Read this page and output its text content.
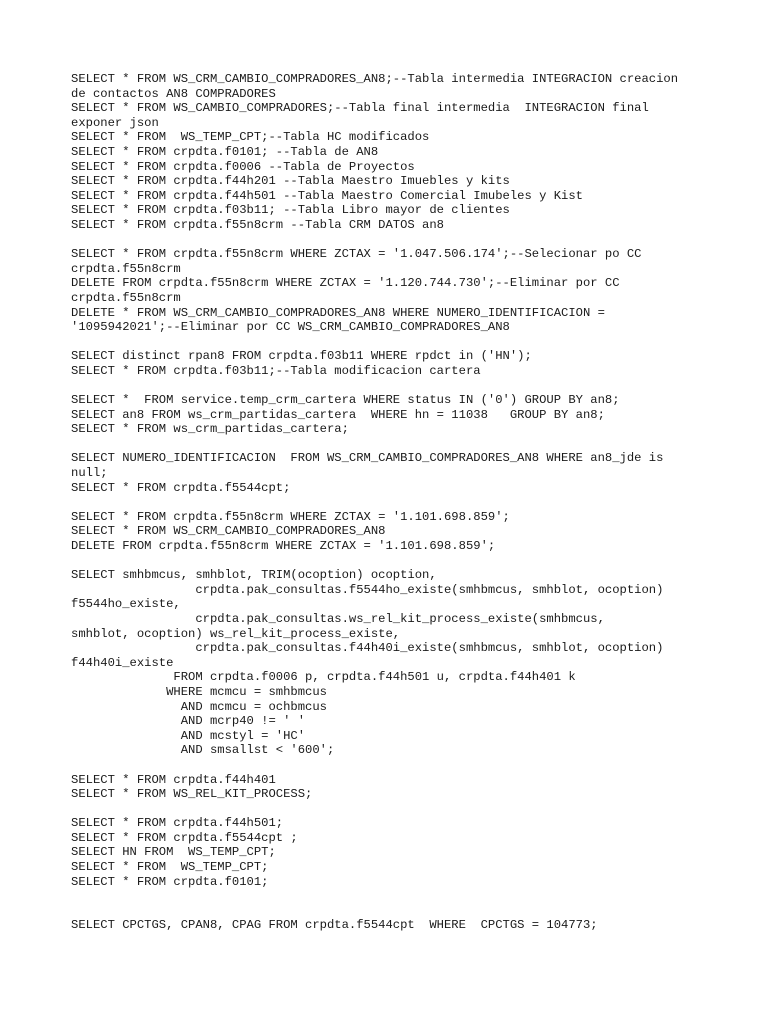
SELECT * FROM WS_CRM_CAMBIO_COMPRADORES_AN8;--Tabla intermedia INTEGRACION creacion
de contactos AN8 COMPRADORES
SELECT * FROM WS_CAMBIO_COMPRADORES;--Tabla final intermedia  INTEGRACION final
exponer json
SELECT * FROM  WS_TEMP_CPT;--Tabla HC modificados
SELECT * FROM crpdta.f0101; --Tabla de AN8
SELECT * FROM crpdta.f0006 --Tabla de Proyectos
SELECT * FROM crpdta.f44h201 --Tabla Maestro Imuebles y kits
SELECT * FROM crpdta.f44h501 --Tabla Maestro Comercial Imubeles y Kist
SELECT * FROM crpdta.f03b11; --Tabla Libro mayor de clientes
SELECT * FROM crpdta.f55n8crm --Tabla CRM DATOS an8
SELECT * FROM crpdta.f55n8crm WHERE ZCTAX = '1.047.506.174';--Selecionar po CC
crpdta.f55n8crm
DELETE FROM crpdta.f55n8crm WHERE ZCTAX = '1.120.744.730';--Eliminar por CC
crpdta.f55n8crm
DELETE * FROM WS_CRM_CAMBIO_COMPRADORES_AN8 WHERE NUMERO_IDENTIFICACION =
'1095942021';--Eliminar por CC WS_CRM_CAMBIO_COMPRADORES_AN8
SELECT distinct rpan8 FROM crpdta.f03b11 WHERE rpdct in ('HN');
SELECT * FROM crpdta.f03b11;--Tabla modificacion cartera
SELECT *  FROM service.temp_crm_cartera WHERE status IN ('0') GROUP BY an8;
SELECT an8 FROM ws_crm_partidas_cartera  WHERE hn = 11038   GROUP BY an8;
SELECT * FROM ws_crm_partidas_cartera;
SELECT NUMERO_IDENTIFICACION  FROM WS_CRM_CAMBIO_COMPRADORES_AN8 WHERE an8_jde is
null;
SELECT * FROM crpdta.f5544cpt;
SELECT * FROM crpdta.f55n8crm WHERE ZCTAX = '1.101.698.859';
SELECT * FROM WS_CRM_CAMBIO_COMPRADORES_AN8
DELETE FROM crpdta.f55n8crm WHERE ZCTAX = '1.101.698.859';
SELECT smhbmcus, smhblot, TRIM(ocoption) ocoption,
crpdta.pak_consultas.f5544ho_existe(smhbmcus, smhblot, ocoption)
f5544ho_existe,
crpdta.pak_consultas.ws_rel_kit_process_existe(smhbmcus,
smhblot, ocoption) ws_rel_kit_process_existe,
crpdta.pak_consultas.f44h40i_existe(smhbmcus, smhblot, ocoption)
f44h40i_existe
FROM crpdta.f0006 p, crpdta.f44h501 u, crpdta.f44h401 k
WHERE mcmcu = smhbmcus
AND mcmcu = ochbmcus
AND mcrp40 != ' '
AND mcstyl = 'HC'
AND smsallst < '600';
SELECT * FROM crpdta.f44h401
SELECT * FROM WS_REL_KIT_PROCESS;
SELECT * FROM crpdta.f44h501;
SELECT * FROM crpdta.f5544cpt ;
SELECT HN FROM  WS_TEMP_CPT;
SELECT * FROM  WS_TEMP_CPT;
SELECT * FROM crpdta.f0101;
SELECT CPCTGS, CPAN8, CPAG FROM crpdta.f5544cpt  WHERE  CPCTGS = 104773;
